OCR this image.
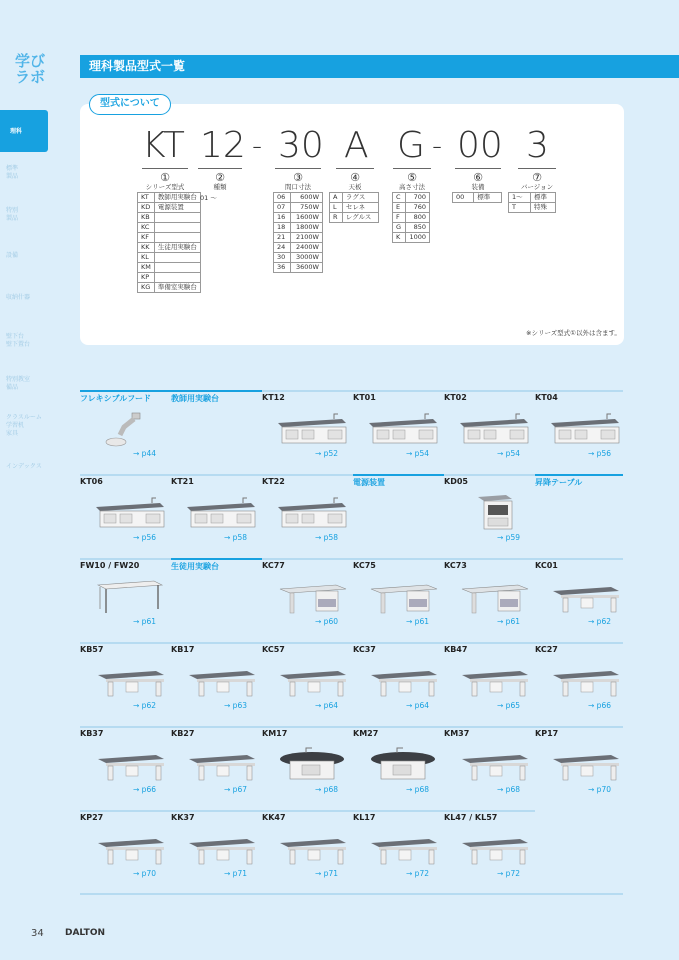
学び
ラボ
理科
標準
製品
特別
製品
設備
収納什器
壁下台
壁下置台
特別教室
備品
クラスルーム
学習机
家具
インデックス
理科製品型式一覧
型式について
KT 12 - 30 A G - 00 3
①
シリーズ型式
②
種類
③
間口寸法
④
天板
⑤
高さ寸法
⑥
装備
⑦
バージョン
KT	教師用実験台
KD	電源装置
KB	
KC	
KF	
KK	生徒用実験台
KL	
KM	
KP	
KG	準備室実験台
01 ～	06	600W
07	750W
16	1600W
18	1800W
21	2100W
24	2400W
30	3000W
36	3600W
A	ラグス
L	セレネ
R	レグルス
C	700
E	760
F	800
G	850
K	1000
00	標準	1～	標準
T	特殊
※シリーズ型式①以外は含ます。
フレキシブルフード
→ p44
教師用実験台	KT12
→ p52
KT01
→ p54
KT02
→ p54
KT04
→ p56
KT06
→ p56
KT21
→ p58
KT22
→ p58
電源装置	KD05
→ p59
昇降テーブル
FW10 / FW20
→ p61
生徒用実験台	KC77
→ p60
KC75
→ p61
KC73
→ p61
KC01
→ p62
KB57
→ p62
KB17
→ p63
KC57
→ p64
KC37
→ p64
KB47
→ p65
KC27
→ p66
KB37
→ p66
KB27
→ p67
KM17
→ p68
KM27
→ p68
KM37
→ p68
KP17
→ p70
KP27
→ p70
KK37
→ p71
KK47
→ p71
KL17
→ p72
KL47 / KL57
→ p72
34 DALTON
